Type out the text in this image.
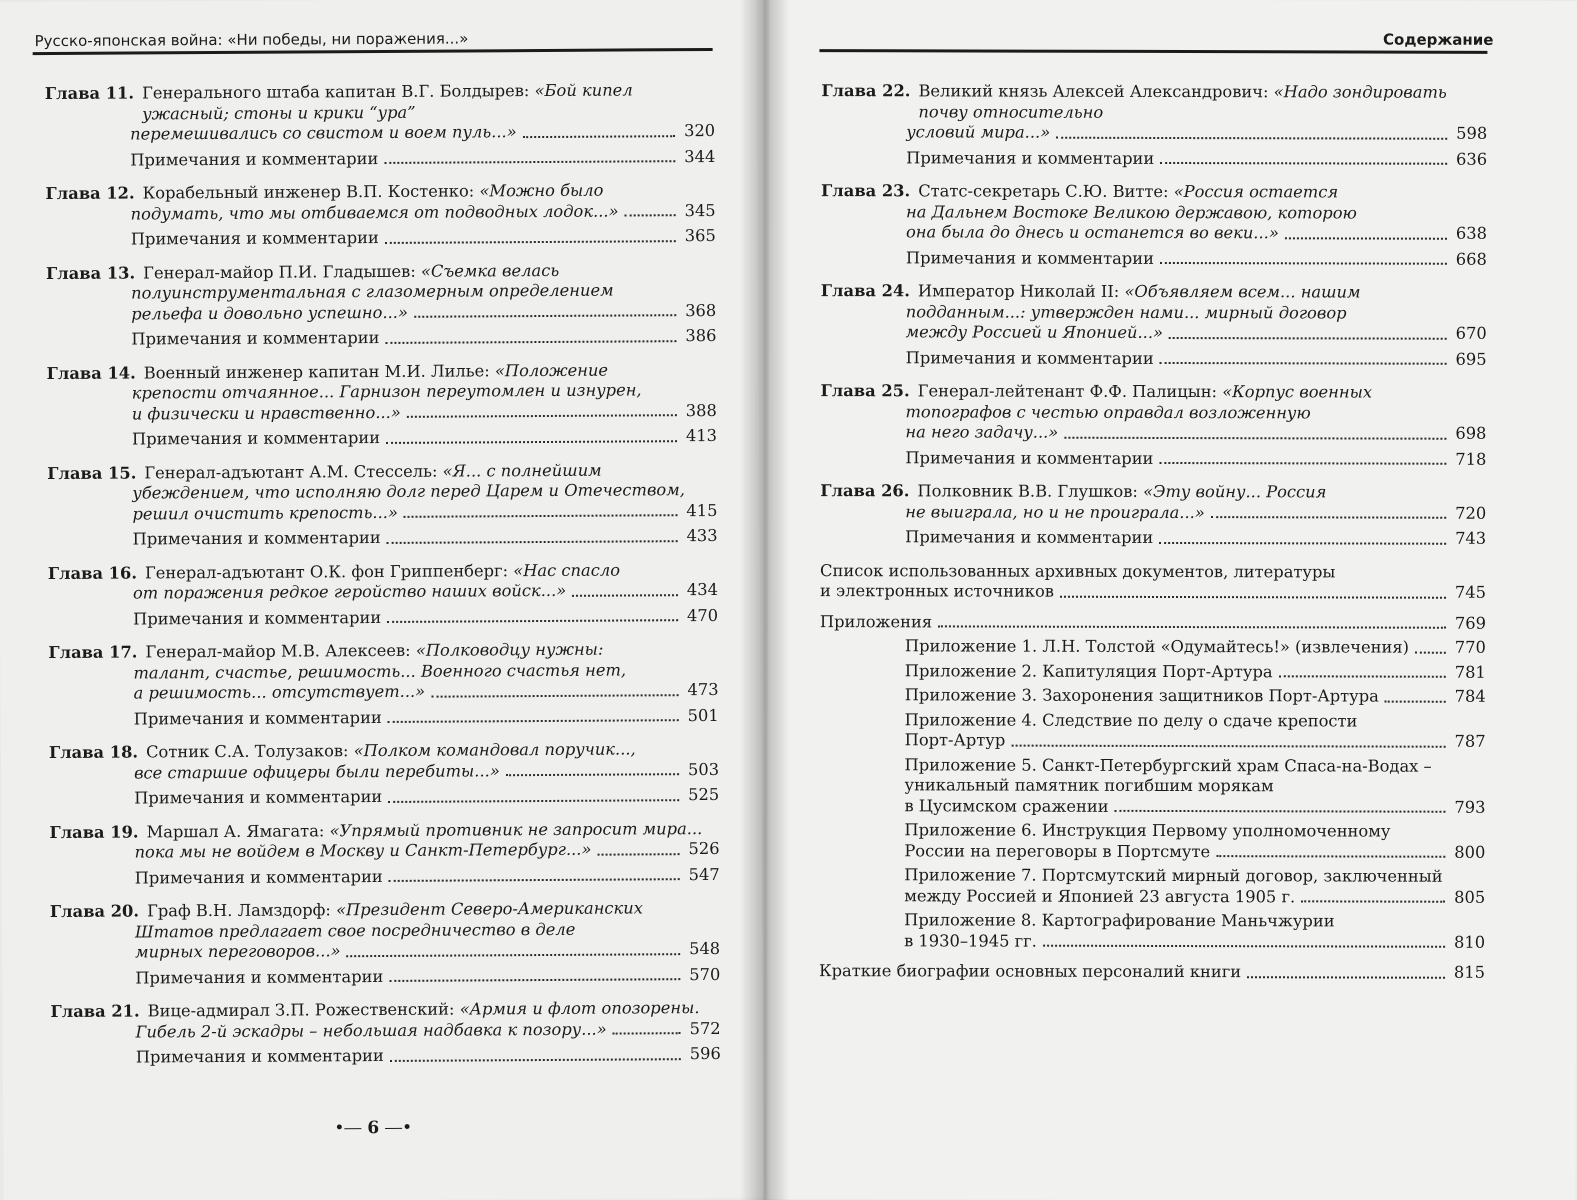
Русско-японская война: «Ни победы, ни поражения...»
Глава 11. Генерального штаба капитан В.Г. Болдырев: «Бой кипел ужасный; стоны и крики “ура”
перемешивались со свистом и воем пуль...»	320
Примечания и комментарии	344
Глава 12. Корабельный инженер В.П. Костенко: «Можно было
подумать, что мы отбиваемся от подводных лодок...»	345
Примечания и комментарии	365
Глава 13. Генерал-майор П.И. Гладышев: «Съемка велась
полуинструментальная с глазомерным определением
рельефа и довольно успешно...»	368
Примечания и комментарии	386
Глава 14. Военный инженер капитан М.И. Лилье: «Положение
крепости отчаянное... Гарнизон переутомлен и изнурен,
и физически и нравственно...»	388
Примечания и комментарии	413
Глава 15. Генерал-адъютант А.М. Стессель: «Я... с полнейшим
убеждением, что исполняю долг перед Царем и Отечеством,
решил очистить крепость...»	415
Примечания и комментарии	433
Глава 16. Генерал-адъютант О.К. фон Гриппенберг: «Нас спасло
от поражения редкое геройство наших войск...»	434
Примечания и комментарии	470
Глава 17. Генерал-майор М.В. Алексеев: «Полководцу нужны:
талант, счастье, решимость... Военного счастья нет,
а решимость... отсутствует...»	473
Примечания и комментарии	501
Глава 18. Сотник С.А. Толузаков: «Полком командовал поручик...,
все старшие офицеры были перебиты...»	503
Примечания и комментарии	525
Глава 19. Маршал А. Ямагата: «Упрямый противник не запросит мира...
пока мы не войдем в Москву и Санкт-Петербург...»	526
Примечания и комментарии	547
Глава 20. Граф В.Н. Ламздорф: «Президент Северо-Американских
Штатов предлагает свое посредничество в деле
мирных переговоров...»	548
Примечания и комментарии	570
Глава 21. Вице-адмирал З.П. Рожественский: «Армия и флот опозорены.
Гибель 2-й эскадры – небольшая надбавка к позору...»	572
Примечания и комментарии	596
•― 6 ―•
Содержание
Глава 22. Великий князь Алексей Александрович: «Надо зондировать почву относительно
условий мира...»	598
Примечания и комментарии	636
Глава 23. Статс-секретарь С.Ю. Витте: «Россия остается
на Дальнем Востоке Великою державою, которою
она была до днесь и останется во веки...»	638
Примечания и комментарии	668
Глава 24. Император Николай II: «Объявляем всем... нашим
подданным...: утвержден нами... мирный договор
между Россией и Японией...»	670
Примечания и комментарии	695
Глава 25. Генерал-лейтенант Ф.Ф. Палицын: «Корпус военных
топографов с честью оправдал возложенную
на него задачу...»	698
Примечания и комментарии	718
Глава 26. Полковник В.В. Глушков: «Эту войну... Россия
не выиграла, но и не проиграла...»	720
Примечания и комментарии	743
Список использованных архивных документов, литературы
и электронных источников	745
Приложения	769
Приложение 1. Л.Н. Толстой «Одумайтесь!» (извлечения)	770
Приложение 2. Капитуляция Порт-Артура	781
Приложение 3. Захоронения защитников Порт-Артура	784
Приложение 4. Следствие по делу о сдаче крепости
Порт-Артур	787
Приложение 5. Санкт-Петербургский храм Спаса-на-Водах –
уникальный памятник погибшим морякам
в Цусимском сражении	793
Приложение 6. Инструкция Первому уполномоченному
России на переговоры в Портсмуте	800
Приложение 7. Портсмутский мирный договор, заключенный
между Россией и Японией 23 августа 1905 г.	805
Приложение 8. Картографирование Маньчжурии
в 1930–1945 гг.	810
Краткие биографии основных персоналий книги	815
